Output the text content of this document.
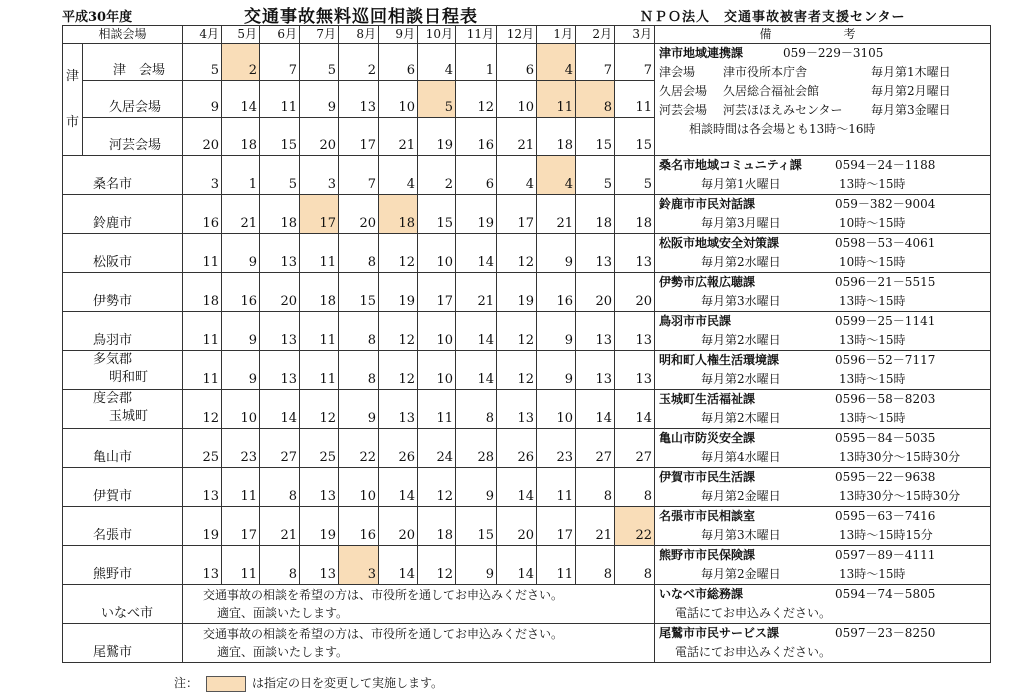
平成30年度	交通事故無料巡回相談日程表	ＮＰＯ法人　交通事故被害者支援センター
相談会場		4月	5月	6月	7月	8月	9月	10月	11月	12月	1月	2月	3月	備　考

津
市	津　会場	5	2	7	5	2	6	4	1	6	4	7	7	津市地域連携課 059－229－3105
津会場 津市役所本庁舎 毎月第1木曜日
久居会場 久居総合福祉会館 毎月第2月曜日
河芸会場 河芸ほほえみセンター 毎月第3金曜日
相談時間は各会場とも13時～16時

	久居会場	9	14	11	9	13	10	5	12	10	11	8	11	

	河芸会場	20	18	15	20	17	21	19	16	21	18	15	15	

桑名市		3	1	5	3	7	4	2	6	4	4	5	5	桑名市地域コミュニティ課 0594－24－1188
毎月第1火曜日 13時～15時

鈴鹿市		16	21	18	17	20	18	15	19	17	21	18	18	鈴鹿市市民対話課 059－382－9004
毎月第3月曜日 10時～15時

松阪市		11	9	13	11	8	12	10	14	12	9	13	13	松阪市地域安全対策課 0598－53－4061
毎月第2水曜日 10時～15時

伊勢市		18	16	20	18	15	19	17	21	19	16	20	20	伊勢市広報広聴課 0596－21－5515
毎月第3水曜日 13時～15時

鳥羽市		11	9	13	11	8	12	10	14	12	9	13	13	鳥羽市市民課 0599－25－1141
毎月第2水曜日 13時～15時

多気郡
明和町		11	9	13	11	8	12	10	14	12	9	13	13	明和町人権生活環境課 0596－52－7117
毎月第2水曜日 13時～15時

度会郡
玉城町		12	10	14	12	9	13	11	8	13	10	14	14	玉城町生活福祉課 0596－58－8203
毎月第2木曜日 13時～15時

亀山市		25	23	27	25	22	26	24	28	26	23	27	27	亀山市防災安全課 0595－84－5035
毎月第4水曜日 13時30分～15時30分

伊賀市		13	11	8	13	10	14	12	9	14	11	8	8	伊賀市市民生活課 0595－22－9638
毎月第2金曜日 13時30分～15時30分

名張市		19	17	21	19	16	20	18	15	20	17	21	22	名張市市民相談室 0595－63－7416
毎月第3木曜日 13時～15時15分

熊野市		13	11	8	13	3	14	12	9	14	11	8	8	熊野市市民保険課 0597－89－4111
毎月第2金曜日 13時～15時

いなべ市		交通事故の相談を希望の方は、市役所を通してお申込みください。
適宜、面談いたします。												いなべ市総務課 0594－74－5805
電話にてお申込みください。

尾鷲市		交通事故の相談を希望の方は、市役所を通してお申込みください。
適宜、面談いたします。												尾鷲市市民サービス課 0597－23－8250
電話にてお申込みください。
注：	は指定の日を変更して実施します。
